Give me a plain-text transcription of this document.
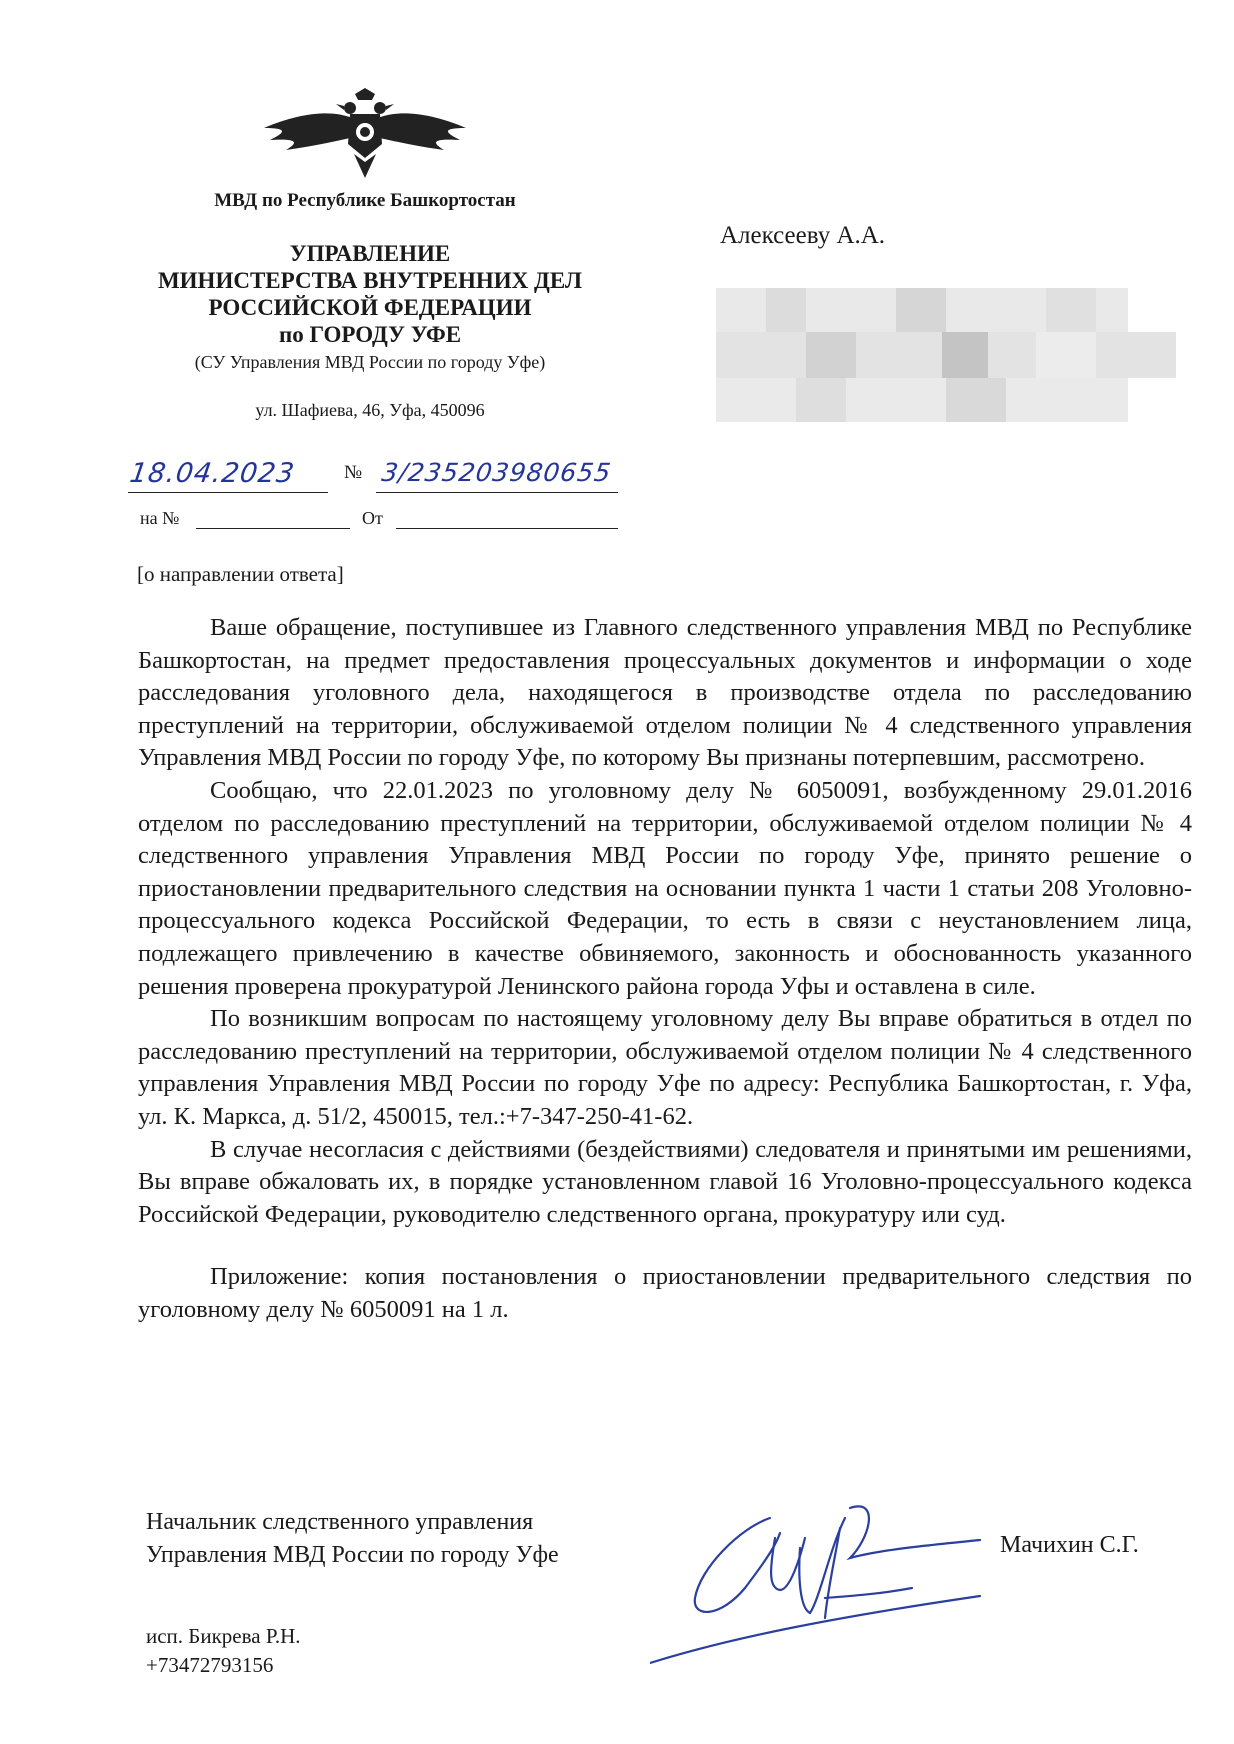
МВД по Республике Башкортостан
УПРАВЛЕНИЕ
МИНИСТЕРСТВА ВНУТРЕННИХ ДЕЛ
РОССИЙСКОЙ ФЕДЕРАЦИИ
по ГОРОДУ УФЕ
(СУ Управления МВД России по городу Уфе)
ул. Шафиева, 46, Уфа, 450096
18.04.2023 № 3/235203980655
на №	От
Алексееву А.А.
[о направлении ответа]

Ваше обращение, поступившее из Главного следственного управления МВД по Республике Башкортостан, на предмет предоставления процессуальных документов и информации о ходе расследования уголовного дела, находящегося в производстве отдела по расследованию преступлений на территории, обслуживаемой отделом полиции № 4 следственного управления Управления МВД России по городу Уфе, по которому Вы признаны потерпевшим, рассмотрено.

Сообщаю, что 22.01.2023 по уголовному делу № 6050091, возбужденному 29.01.2016 отделом по расследованию преступлений на территории, обслуживаемой отделом полиции № 4 следственного управления Управления МВД России по городу Уфе, принято решение о приостановлении предварительного следствия на основании пункта 1 части 1 статьи 208 Уголовно-процессуального кодекса Российской Федерации, то есть в связи с неустановлением лица, подлежащего привлечению в качестве обвиняемого, законность и обоснованность указанного решения проверена прокуратурой Ленинского района города Уфы и оставлена в силе.

По возникшим вопросам по настоящему уголовному делу Вы вправе обратиться в отдел по расследованию преступлений на территории, обслуживаемой отделом полиции № 4 следственного управления Управления МВД России по городу Уфе по адресу: Республика Башкортостан, г. Уфа, ул. К. Маркса, д. 51/2, 450015, тел.:+7-347-250-41-62.

В случае несогласия с действиями (бездействиями) следователя и принятыми им решениями, Вы вправе обжаловать их, в порядке установленном главой 16 Уголовно-процессуального кодекса Российской Федерации, руководителю следственного органа, прокуратуру или суд.

Приложение: копия постановления о приостановлении предварительного следствия по уголовному делу № 6050091 на 1 л.

Начальник следственного управления
Управления МВД России по городу Уфе	Мачихин С.Г.
исп. Бикрева Р.Н.
+73472793156
